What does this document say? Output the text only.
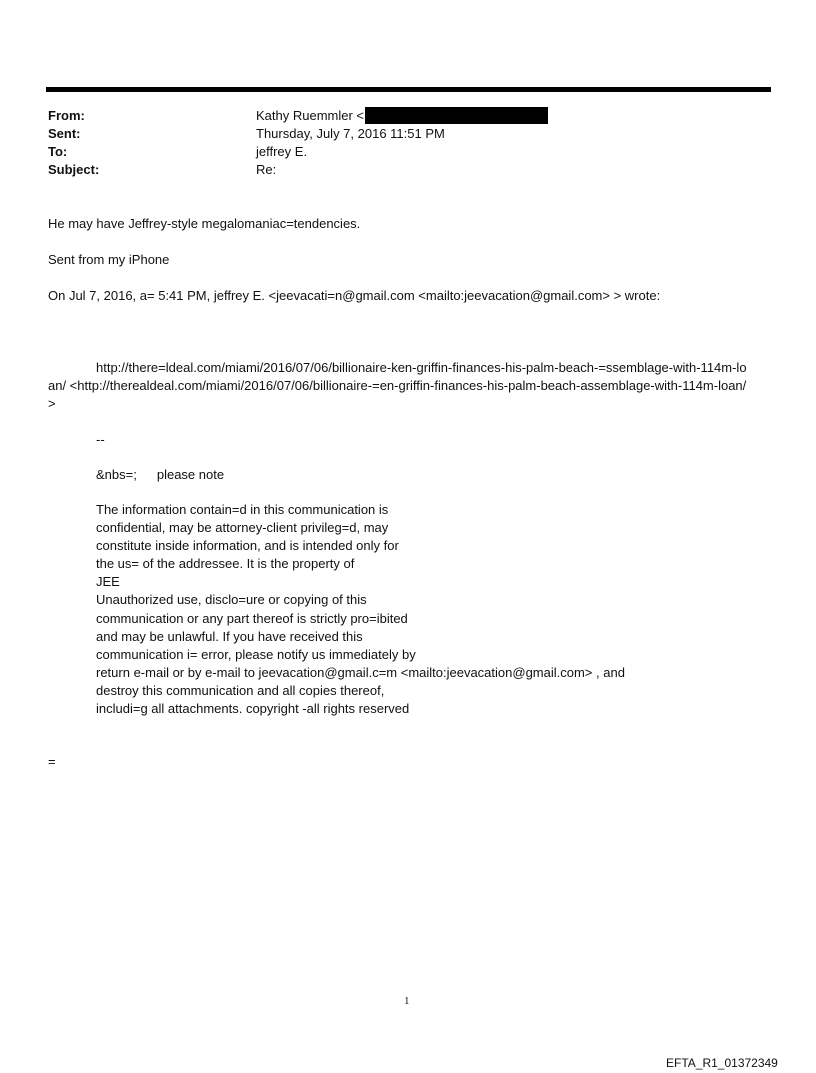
From:	Kathy Ruemmler <
Sent:	Thursday, July 7, 2016 11:51 PM
To:	jeffrey E.
Subject:	Re:
He may have Jeffrey-style megalomaniac=tendencies.
Sent from my iPhone
On Jul 7, 2016, a= 5:41 PM, jeffrey E. <jeevacati=n@gmail.com <mailto:jeevacation@gmail.com> > wrote:
http://there=ldeal.com/miami/2016/07/06/billionaire-ken-griffin-finances-his-palm-beach-=ssemblage-with-114m-loan/ <http://therealdeal.com/miami/2016/07/06/billionaire-=en-griffin-finances-his-palm-beach-assemblage-with-114m-loan/>
--
&nbs=; please note
The information contain=d in this communication is
confidential, may be attorney-client privileg=d, may
constitute inside information, and is intended only for
the us= of the addressee. It is the property of
JEE
Unauthorized use, disclo=ure or copying of this
communication or any part thereof is strictly pro=ibited
and may be unlawful. If you have received this
communication i= error, please notify us immediately by
return e-mail or by e-mail to jeevacation@gmail.c=m <mailto:jeevacation@gmail.com> , and
destroy this communication and all copies thereof,
includi=g all attachments. copyright -all rights reserved
=
1
EFTA_R1_01372349
